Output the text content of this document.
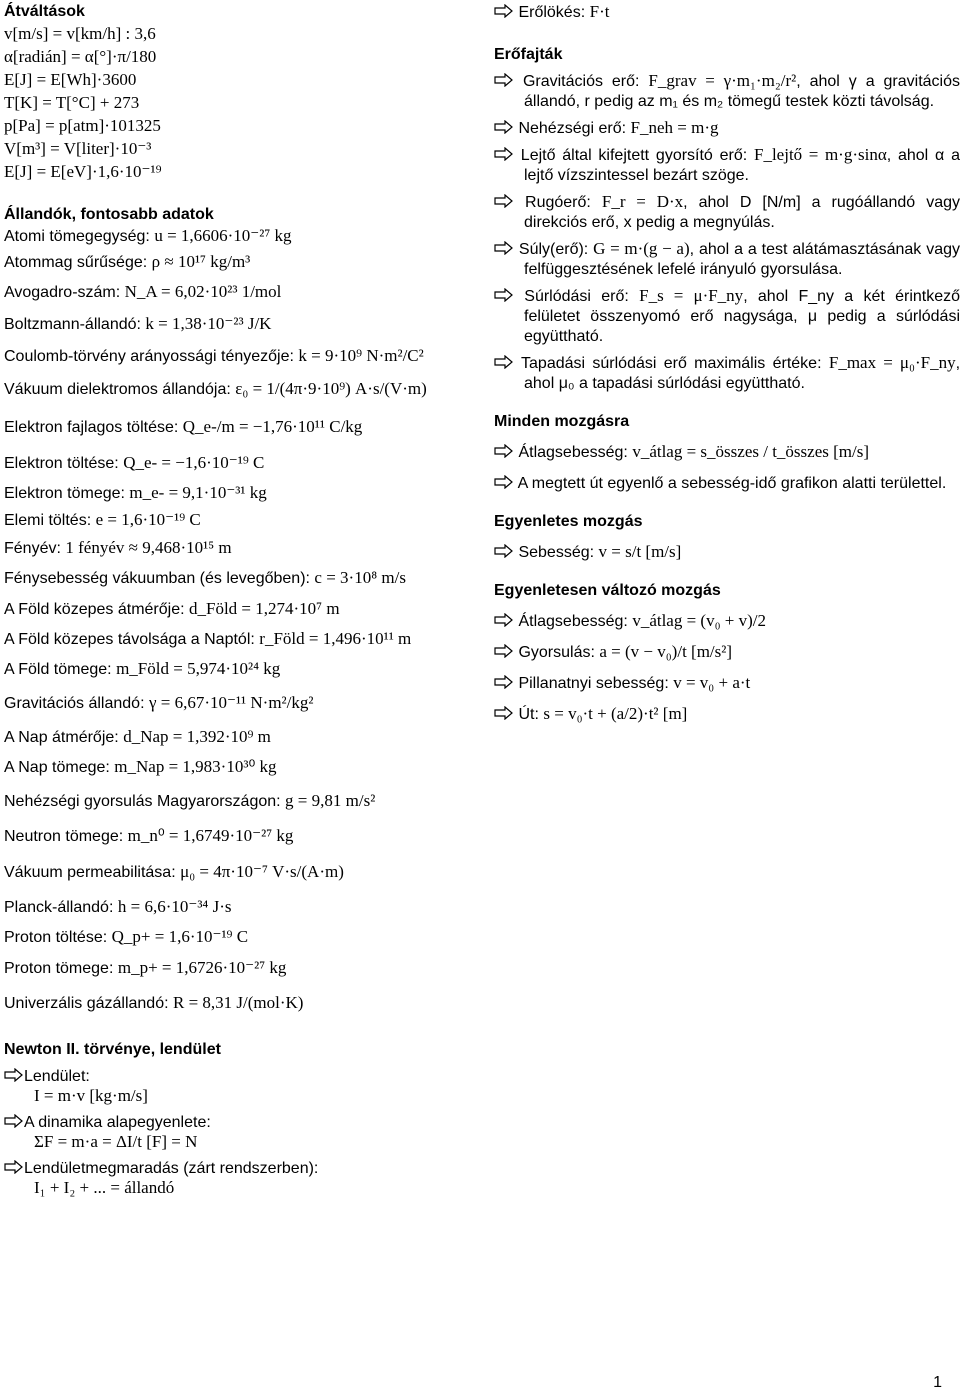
Átváltások
v[m/s] = v[km/h] : 3,6
α[radián] = α[°]·π/180
E[J] = E[Wh]·3600
T[K] = T[°C] + 273
p[Pa] = p[atm]·101325
V[m³] = V[liter]·10⁻³
E[J] = E[eV]·1,6·10⁻¹⁹
Állandók, fontosabb adatok
Atomi tömegegység: u = 1,6606·10⁻²⁷ kg
Atommag sűrűsége: ρ ≈ 10¹⁷ kg/m³
Avogadro-szám: N_A = 6,02·10²³ 1/mol
Boltzmann-állandó: k = 1,38·10⁻²³ J/K
Coulomb-törvény arányossági tényezője: k = 9·10⁹ N·m²/C²
Vákuum dielektromos állandója: ε₀ = 1/(4π·9·10⁹) A·s/(V·m)
Elektron fajlagos töltése: Q_e-/m = −1,76·10¹¹ C/kg
Elektron töltése: Q_e- = −1,6·10⁻¹⁹ C
Elektron tömege: m_e- = 9,1·10⁻³¹ kg
Elemi töltés: e = 1,6·10⁻¹⁹ C
Fényév: 1 fényév ≈ 9,468·10¹⁵ m
Fénysebesség vákuumban (és levegőben): c = 3·10⁸ m/s
A Föld közepes átmérője: d_Föld = 1,274·10⁷ m
A Föld közepes távolsága a Naptól: r_Föld = 1,496·10¹¹ m
A Föld tömege: m_Föld = 5,974·10²⁴ kg
Gravitációs állandó: γ = 6,67·10⁻¹¹ N·m²/kg²
A Nap átmérője: d_Nap = 1,392·10⁹ m
A Nap tömege: m_Nap = 1,983·10³⁰ kg
Nehézségi gyorsulás Magyarországon: g = 9,81 m/s²
Neutron tömege: m_n⁰ = 1,6749·10⁻²⁷ kg
Vákuum permeabilitása: μ₀ = 4π·10⁻⁷ V·s/(A·m)
Planck-állandó: h = 6,6·10⁻³⁴ J·s
Proton töltése: Q_p+ = 1,6·10⁻¹⁹ C
Proton tömege: m_p+ = 1,6726·10⁻²⁷ kg
Univerzális gázállandó: R = 8,31 J/(mol·K)
Newton II. törvénye, lendület
Lendület:
I = m·v [kg·m/s]
A dinamika alapegyenlete:
ΣF = m·a = ΔI/t [F] = N
Lendületmegmaradás (zárt rendszerben):
I₁ + I₂ + ... = állandó
Erőlökés: F·t
Erőfajták
Gravitációs erő: F_grav = γ·m₁·m₂/r², ahol γ a gravitációs állandó, r pedig az m₁ és m₂ tömegű testek közti távolság.
Nehézségi erő: F_neh = m·g
Lejtő által kifejtett gyorsító erő: F_lejtő = m·g·sinα, ahol α a lejtő vízszintessel bezárt szöge.
Rugóerő: F_r = D·x, ahol D [N/m] a rugóállandó vagy direkciós erő, x pedig a megnyúlás.
Súly(erő): G = m·(g − a), ahol a a test alátámasztásának vagy felfüggesztésének lefelé irányuló gyorsulása.
Súrlódási erő: F_s = μ·F_ny, ahol F_ny a két érintkező felületet összenyomó erő nagysága, μ pedig a súrlódási együttható.
Tapadási súrlódási erő maximális értéke: F_max = μ₀·F_ny, ahol μ₀ a tapadási súrlódási együttható.
Minden mozgásra
Átlagsebesség: v_átlag = s_összes / t_összes [m/s]
A megtett út egyenlő a sebesség-idő grafikon alatti területtel.
Egyenletes mozgás
Sebesség: v = s/t [m/s]
Egyenletesen változó mozgás
Átlagsebesség: v_átlag = (v₀ + v)/2
Gyorsulás: a = (v − v₀)/t [m/s²]
Pillanatnyi sebesség: v = v₀ + a·t
Út: s = v₀·t + (a/2)·t² [m]
1
